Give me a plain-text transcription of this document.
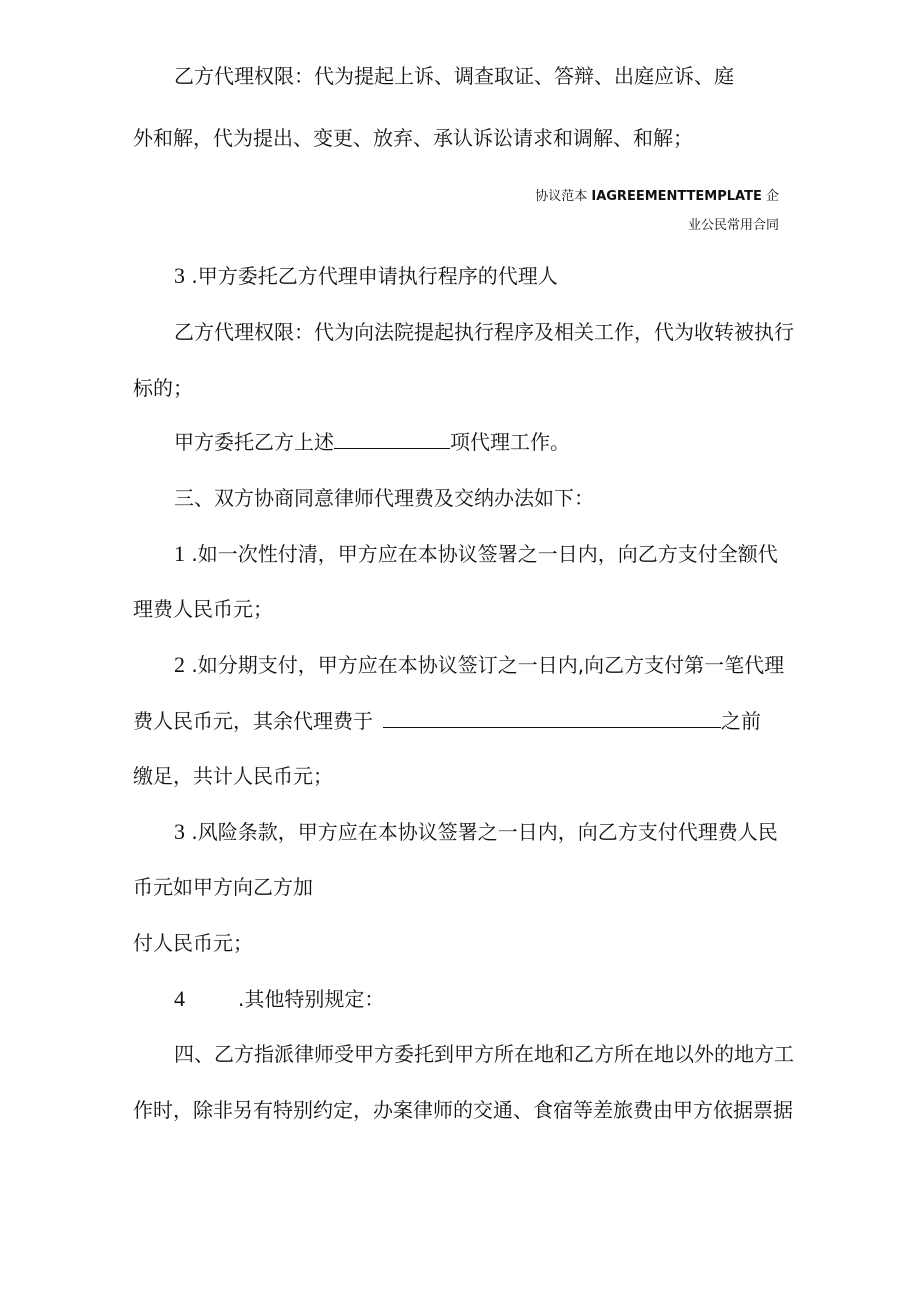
乙方代理权限：代为提起上诉、调查取证、答辩、出庭应诉、庭
外和解，代为提出、变更、放弃、承认诉讼请求和调解、和解；
协议范本 IAGREEMENTTEMPLATE 企
业公民常用合同
3 .甲方委托乙方代理申请执行程序的代理人
乙方代理权限：代为向法院提起执行程序及相关工作，代为收转被执行
标的；
甲方委托乙方上述	项代理工作。
三、双方协商同意律师代理费及交纳办法如下：
1 .如一次性付清，甲方应在本协议签署之一日内，向乙方支付全额代
理费人民币元；
2 .如分期支付，甲方应在本协议签订之一日内,向乙方支付第一笔代理
费人民币元，其余代理费于	之前
缴足，共计人民币元；
3 .风险条款，甲方应在本协议签署之一日内，向乙方支付代理费人民
币元如甲方向乙方加
付人民币元；
4	.其他特别规定：
四、乙方指派律师受甲方委托到甲方所在地和乙方所在地以外的地方工
作时，除非另有特别约定，办案律师的交通、食宿等差旅费由甲方依据票据
